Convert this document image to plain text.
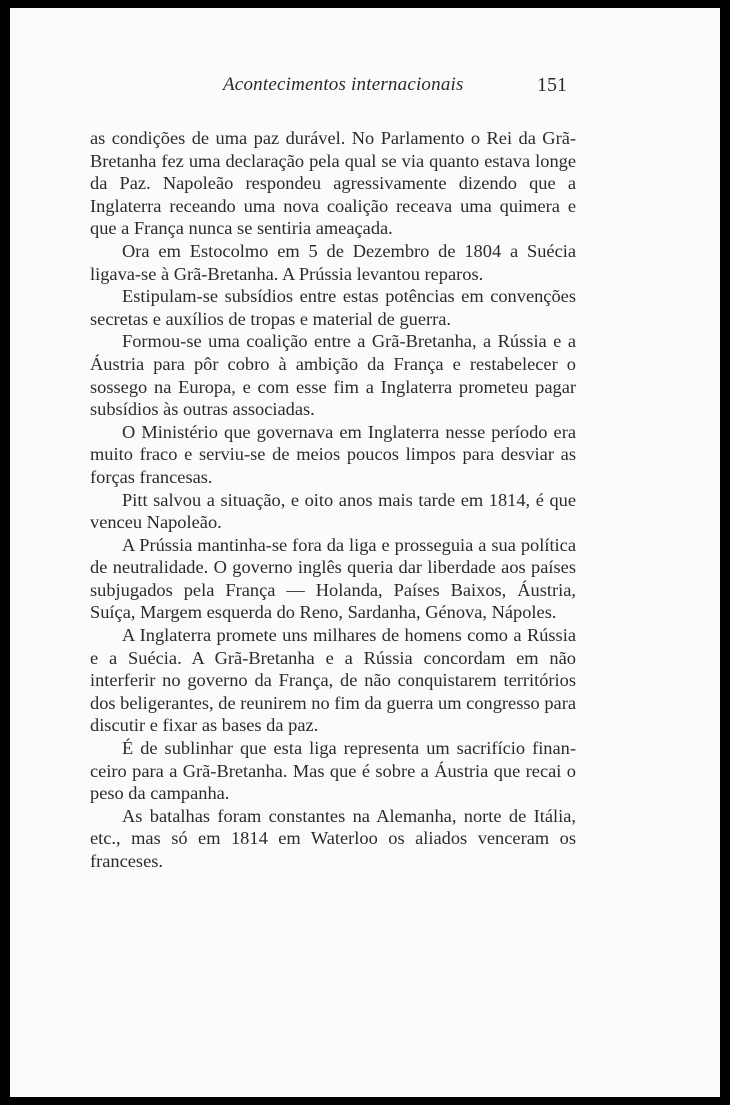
Acontecimentos internacionais	151

as condições de uma paz durável. No Parlamento o Rei da Grã-Bretanha fez uma declaração pela qual se via quanto estava longe da Paz. Napoleão respondeu agressivamente dizendo que a Inglaterra receando uma nova coalição receava uma quimera e que a França nunca se sentiria ameaçada.

Ora em Estocolmo em 5 de Dezembro de 1804 a Suécia ligava-se à Grã-Bretanha. A Prússia levantou reparos.

Estipulam-se subsídios entre estas potências em convenções secretas e auxílios de tropas e material de guerra.

Formou-se uma coalição entre a Grã-Bretanha, a Rússia e a Áustria para pôr cobro à ambição da França e restabelecer o sossego na Europa, e com esse fim a Inglaterra prometeu pagar subsídios às outras associadas.

O Ministério que governava em Inglaterra nesse período era muito fraco e serviu-se de meios poucos limpos para desviar as forças francesas.

Pitt salvou a situação, e oito anos mais tarde em 1814, é que venceu Napoleão.

A Prússia mantinha-se fora da liga e prosseguia a sua política de neutralidade. O governo inglês queria dar liberdade aos países subjugados pela França — Holanda, Países Baixos, Áustria, Suíça, Margem esquerda do Reno, Sardanha, Génova, Nápoles.

A Inglaterra promete uns milhares de homens como a Rússia e a Suécia. A Grã-Bretanha e a Rússia concordam em não interferir no governo da França, de não conquistarem territórios dos beligerantes, de reunirem no fim da guerra um congresso para discutir e fixar as bases da paz.

É de sublinhar que esta liga representa um sacrifício financeiro para a Grã-Bretanha. Mas que é sobre a Áustria que recai o peso da campanha.

As batalhas foram constantes na Alemanha, norte de Itália, etc., mas só em 1814 em Waterloo os aliados venceram os franceses.
